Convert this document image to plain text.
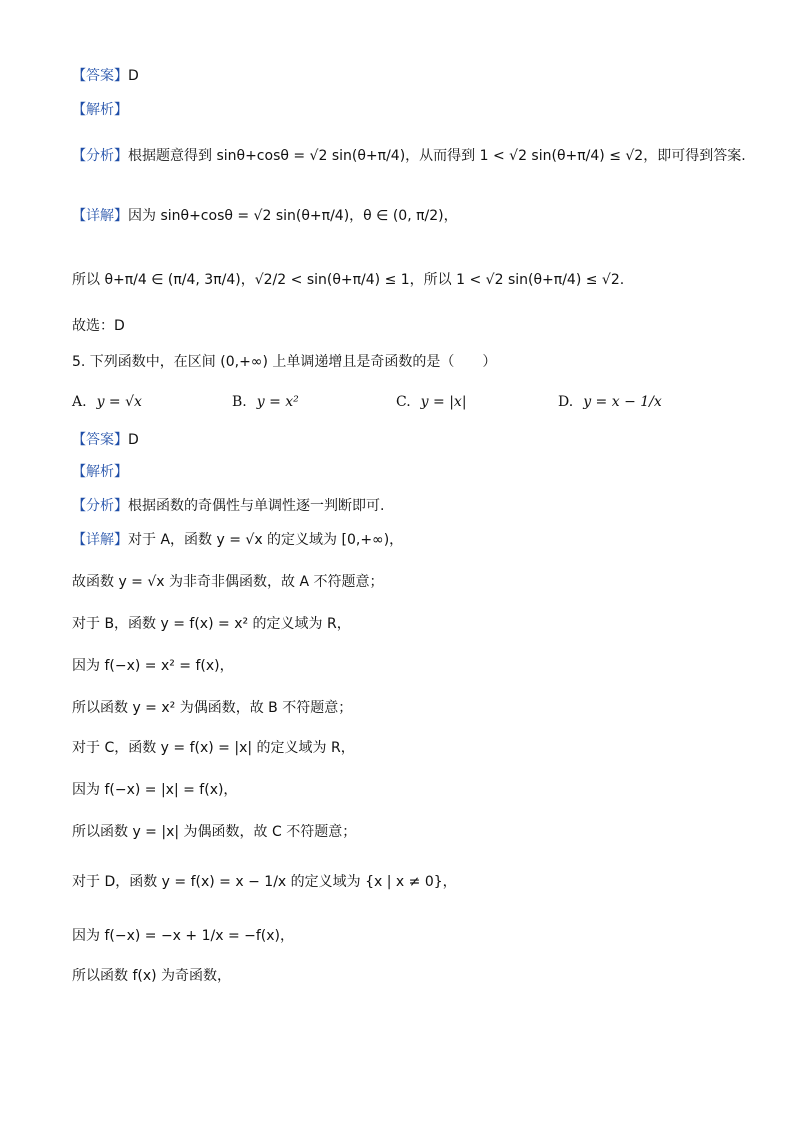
【答案】D
【解析】
【分析】根据题意得到 sinθ+cosθ = √2 sin(θ+π/4)，从而得到 1 < √2 sin(θ+π/4) ≤ √2，即可得到答案.
【详解】因为 sinθ+cosθ = √2 sin(θ+π/4)，θ ∈ (0, π/2)，
所以 θ+π/4 ∈ (π/4, 3π/4)，√2/2 < sin(θ+π/4) ≤ 1，所以 1 < √2 sin(θ+π/4) ≤ √2.
故选：D
5. 下列函数中，在区间 (0,+∞) 上单调递增且是奇函数的是（　　）
【答案】D
【解析】
【分析】根据函数的奇偶性与单调性逐一判断即可.
【详解】对于 A，函数 y = √x 的定义域为 [0,+∞)，
故函数 y = √x 为非奇非偶函数，故 A 不符题意；
对于 B，函数 y = f(x) = x² 的定义域为 R，
因为 f(−x) = x² = f(x)，
所以函数 y = x² 为偶函数，故 B 不符题意；
对于 C，函数 y = f(x) = |x| 的定义域为 R，
因为 f(−x) = |x| = f(x)，
所以函数 y = |x| 为偶函数，故 C 不符题意；
对于 D，函数 y = f(x) = x − 1/x 的定义域为 {x | x ≠ 0}，
因为 f(−x) = −x + 1/x = −f(x)，
所以函数 f(x) 为奇函数，
A. y = √x	B. y = x²	C. y = |x|	D. y = x − 1/x
